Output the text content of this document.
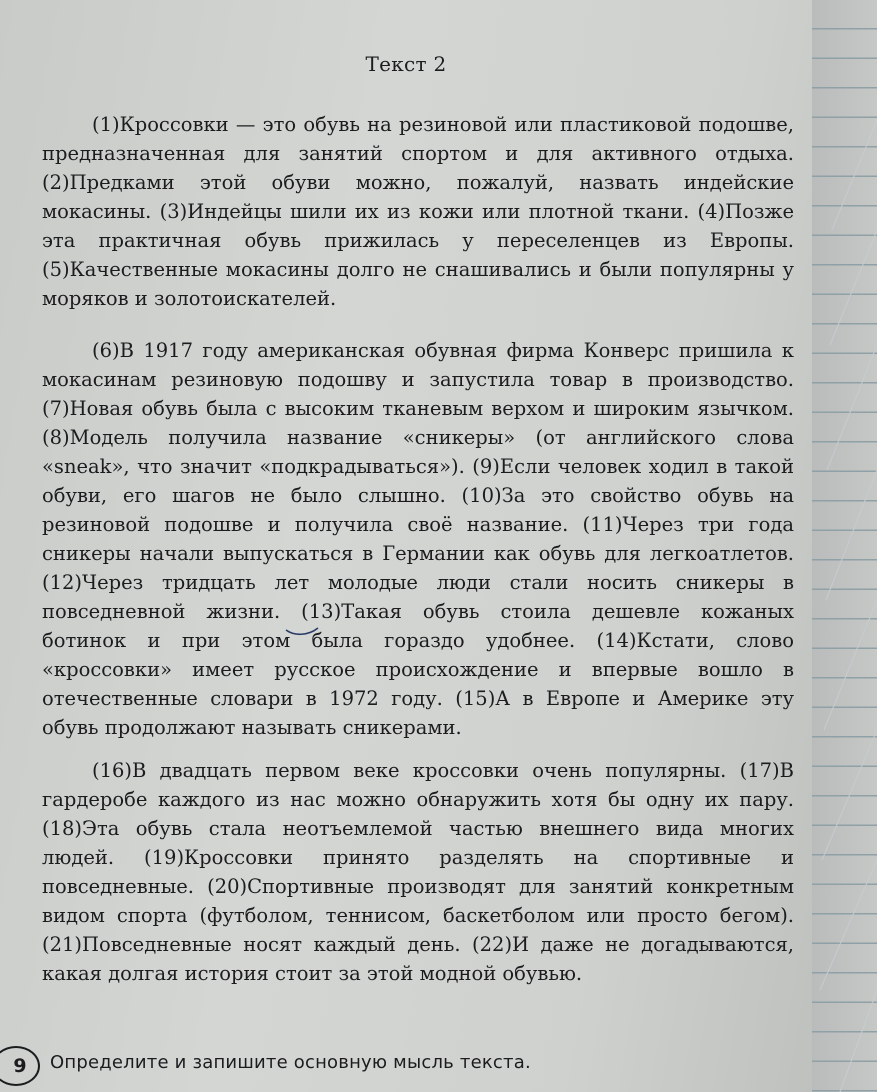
Текст 2

(1)Кроссовки — это обувь на резиновой или пластиковой подошве, предназначенная для занятий спортом и для активного отдыха. (2)Предками этой обуви можно, пожалуй, назвать индейские мокасины. (3)Индейцы шили их из кожи или плотной ткани. (4)Позже эта практичная обувь прижилась у переселенцев из Европы. (5)Качественные мокасины долго не снашивались и были популярны у моряков и золотоискателей.

(6)В 1917 году американская обувная фирма Конверс пришила к мокасинам резиновую подошву и запустила товар в производство. (7)Новая обувь была с высоким тканевым верхом и широким язычком. (8)Модель получила название «сникеры» (от английского слова «sneak», что значит «подкрадываться»). (9)Если человек ходил в такой обуви, его шагов не было слышно. (10)За это свойство обувь на резиновой подошве и получила своё название. (11)Через три года сникеры начали выпускаться в Германии как обувь для легкоатлетов. (12)Через тридцать лет молодые люди стали носить сникеры в повседневной жизни. (13)Такая обувь стоила дешевле кожаных ботинок и при этом была гораздо удобнее. (14)Кстати, слово «кроссовки» имеет русское происхождение и впервые вошло в отечественные словари в 1972 году. (15)А в Европе и Америке эту обувь продолжают называть сникерами.

(16)В двадцать первом веке кроссовки очень популярны. (17)В гардеробе каждого из нас можно обнаружить хотя бы одну их пару. (18)Эта обувь стала неотъемлемой частью внешнего вида многих людей. (19)Кроссовки принято разделять на спортивные и повседневные. (20)Спортивные производят для занятий конкретным видом спорта (футболом, теннисом, баскетболом или просто бегом). (21)Повседневные носят каждый день. (22)И даже не догадываются, какая долгая история стоит за этой модной обувью.

9	Определите и запишите основную мысль текста.
